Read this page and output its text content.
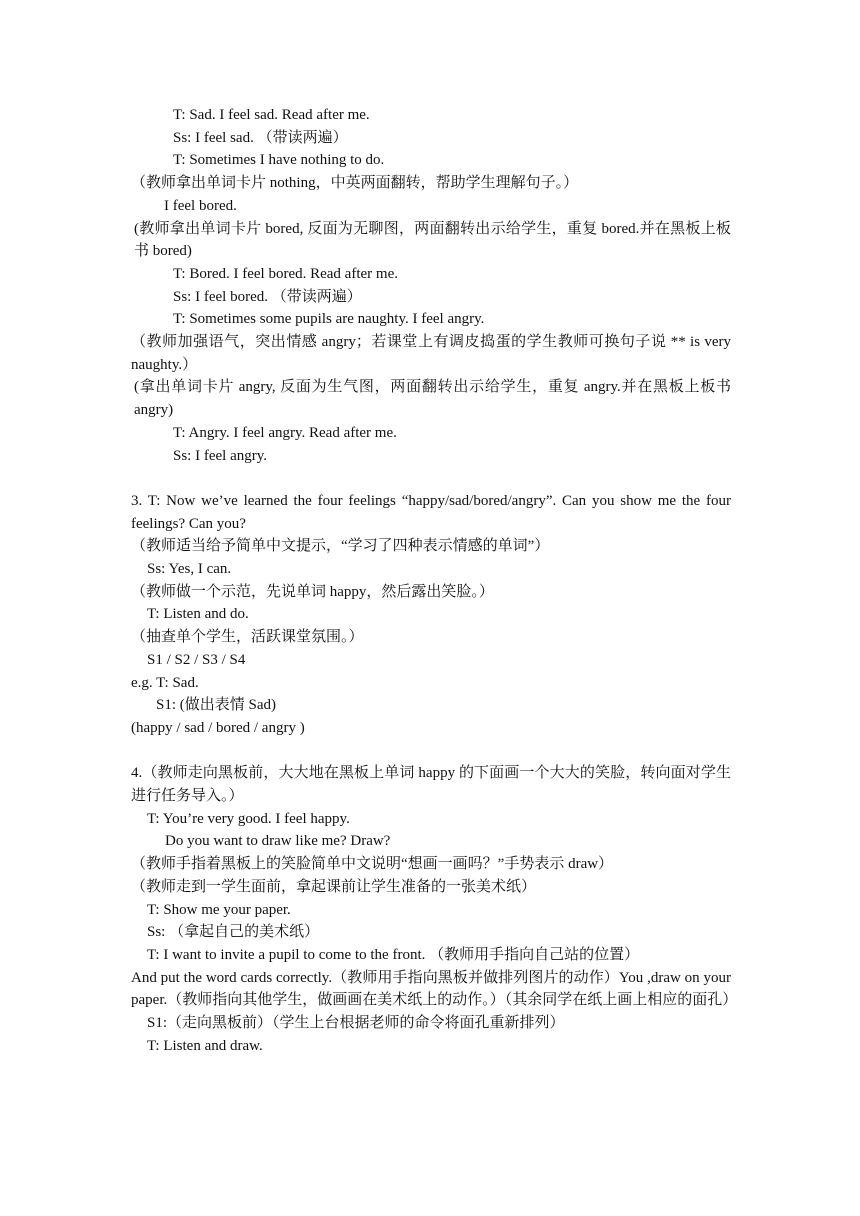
T: Sad. I feel sad. Read after me.
Ss: I feel sad. （带读两遍）
T: Sometimes I have nothing to do.
（教师拿出单词卡片 nothing，中英两面翻转，帮助学生理解句子。）
I feel bored.
(教师拿出单词卡片 bored, 反面为无聊图，两面翻转出示给学生，重复 bored.并在黑板上板书 bored)
T: Bored. I feel bored. Read after me.
Ss: I feel bored. （带读两遍）
T: Sometimes some pupils are naughty. I feel angry.
（教师加强语气，突出情感 angry；若课堂上有调皮捣蛋的学生教师可换句子说 ** is very naughty.）
(拿出单词卡片 angry, 反面为生气图，两面翻转出示给学生，重复 angry.并在黑板上板书 angry)
T: Angry. I feel angry. Read after me.
Ss: I feel angry.
3. T: Now we’ve learned the four feelings “happy/sad/bored/angry”. Can you show me the four feelings? Can you?
（教师适当给予简单中文提示，“学习了四种表示情感的单词”）
Ss: Yes, I can.
（教师做一个示范，先说单词 happy，然后露出笑脸。）
T: Listen and do.
（抽查单个学生，活跃课堂氛围。）
S1 / S2 / S3 / S4
e.g. T: Sad.
S1: (做出表情 Sad)
(happy / sad / bored / angry )
4.（教师走向黑板前，大大地在黑板上单词 happy 的下面画一个大大的笑脸，转向面对学生进行任务导入。）
T: You’re very good. I feel happy.
Do you want to draw like me? Draw?
（教师手指着黑板上的笑脸简单中文说明“想画一画吗？”手势表示 draw）
（教师走到一学生面前，拿起课前让学生准备的一张美术纸）
T: Show me your paper.
Ss: （拿起自己的美术纸）
T: I want to invite a pupil to come to the front. （教师用手指向自己站的位置）
And put the word cards correctly.（教师用手指向黑板并做排列图片的动作）You ,draw on your paper.（教师指向其他学生，做画画在美术纸上的动作。）（其余同学在纸上画上相应的面孔）
S1:（走向黑板前）（学生上台根据老师的命令将面孔重新排列）
T: Listen and draw.
